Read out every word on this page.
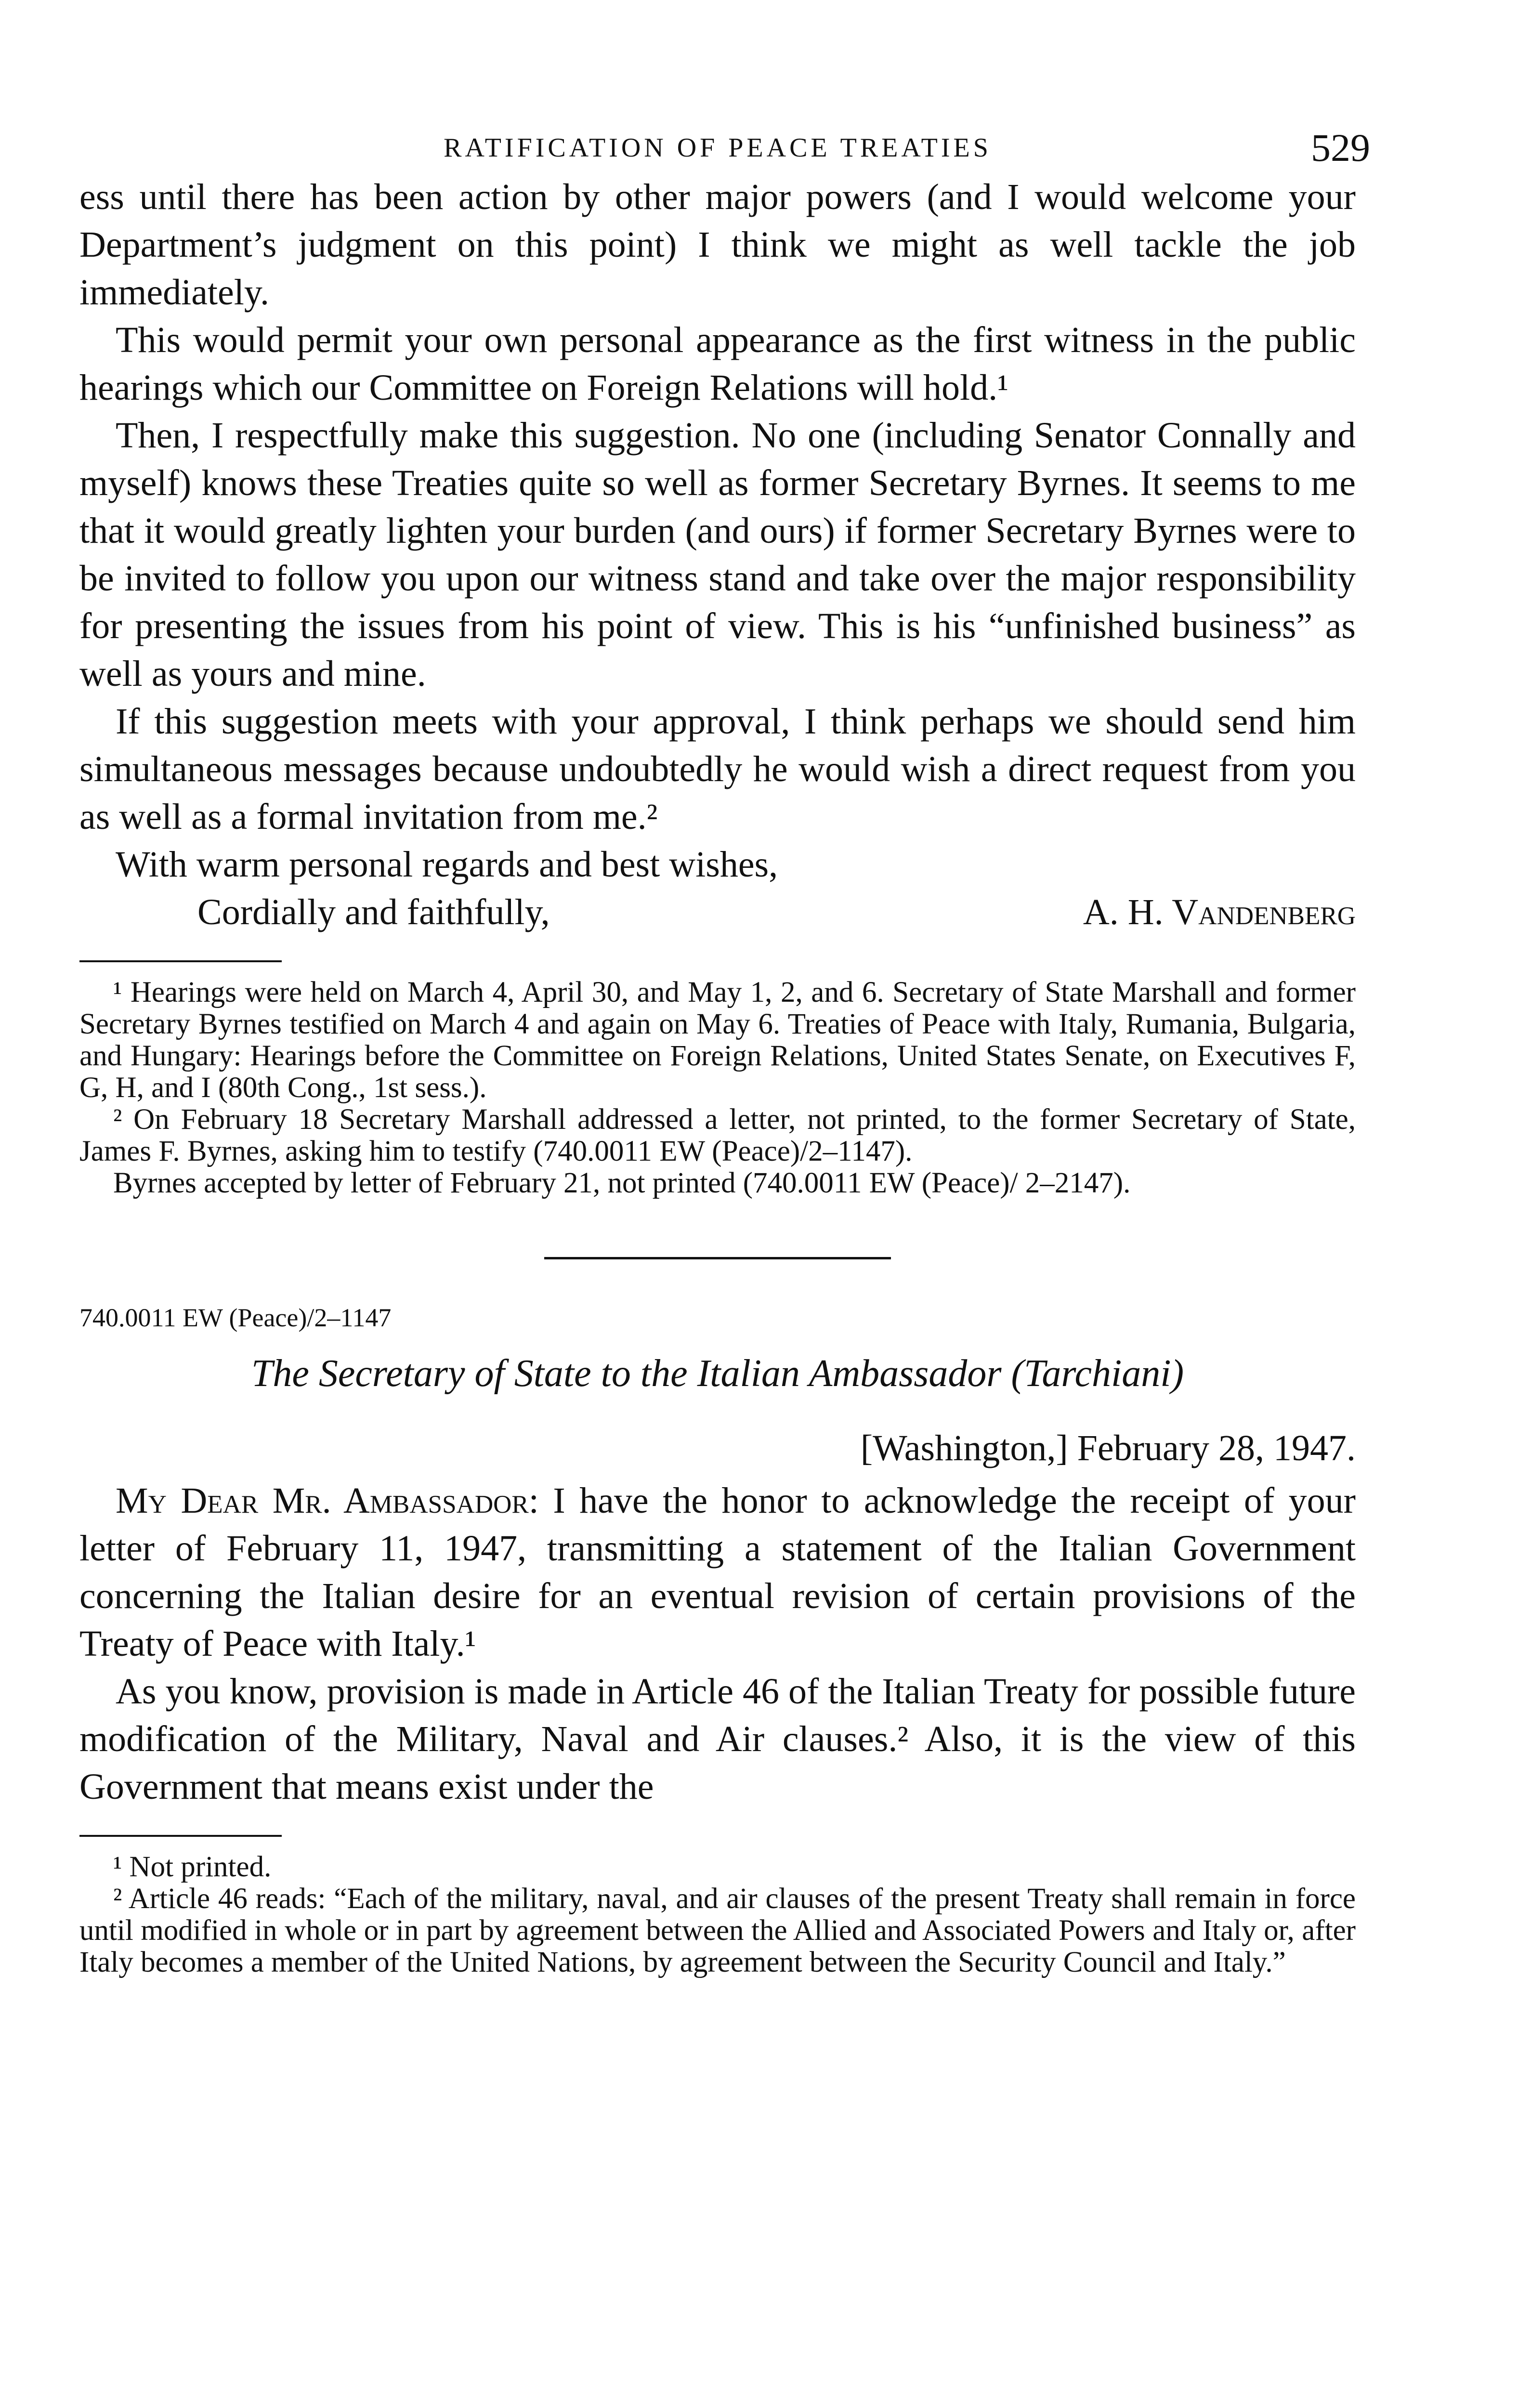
RATIFICATION OF PEACE TREATIES	529

ess until there has been action by other major powers (and I would welcome your Department’s judgment on this point) I think we might as well tackle the job immediately.

This would permit your own personal appearance as the first witness in the public hearings which our Committee on Foreign Relations will hold.¹

Then, I respectfully make this suggestion. No one (including Senator Connally and myself) knows these Treaties quite so well as former Secretary Byrnes. It seems to me that it would greatly lighten your burden (and ours) if former Secretary Byrnes were to be invited to follow you upon our witness stand and take over the major responsibility for presenting the issues from his point of view. This is his “unfinished business” as well as yours and mine.

If this suggestion meets with your approval, I think perhaps we should send him simultaneous messages because undoubtedly he would wish a direct request from you as well as a formal invitation from me.²

With warm personal regards and best wishes,
Cordially and faithfully,	A. H. Vandenberg

¹ Hearings were held on March 4, April 30, and May 1, 2, and 6. Secretary of State Marshall and former Secretary Byrnes testified on March 4 and again on May 6. Treaties of Peace with Italy, Rumania, Bulgaria, and Hungary: Hearings before the Committee on Foreign Relations, United States Senate, on Executives F, G, H, and I (80th Cong., 1st sess.).

² On February 18 Secretary Marshall addressed a letter, not printed, to the former Secretary of State, James F. Byrnes, asking him to testify (740.0011 EW (Peace)/2–1147).

Byrnes accepted by letter of February 21, not printed (740.0011 EW (Peace)/ 2–2147).

740.0011 EW (Peace)/2–1147
The Secretary of State to the Italian Ambassador (Tarchiani)
[Washington,] February 28, 1947.

My Dear Mr. Ambassador: I have the honor to acknowledge the receipt of your letter of February 11, 1947, transmitting a statement of the Italian Government concerning the Italian desire for an eventual revision of certain provisions of the Treaty of Peace with Italy.¹

As you know, provision is made in Article 46 of the Italian Treaty for possible future modification of the Military, Naval and Air clauses.² Also, it is the view of this Government that means exist under the

¹ Not printed.

² Article 46 reads: “Each of the military, naval, and air clauses of the present Treaty shall remain in force until modified in whole or in part by agreement between the Allied and Associated Powers and Italy or, after Italy becomes a member of the United Nations, by agreement between the Security Council and Italy.”
